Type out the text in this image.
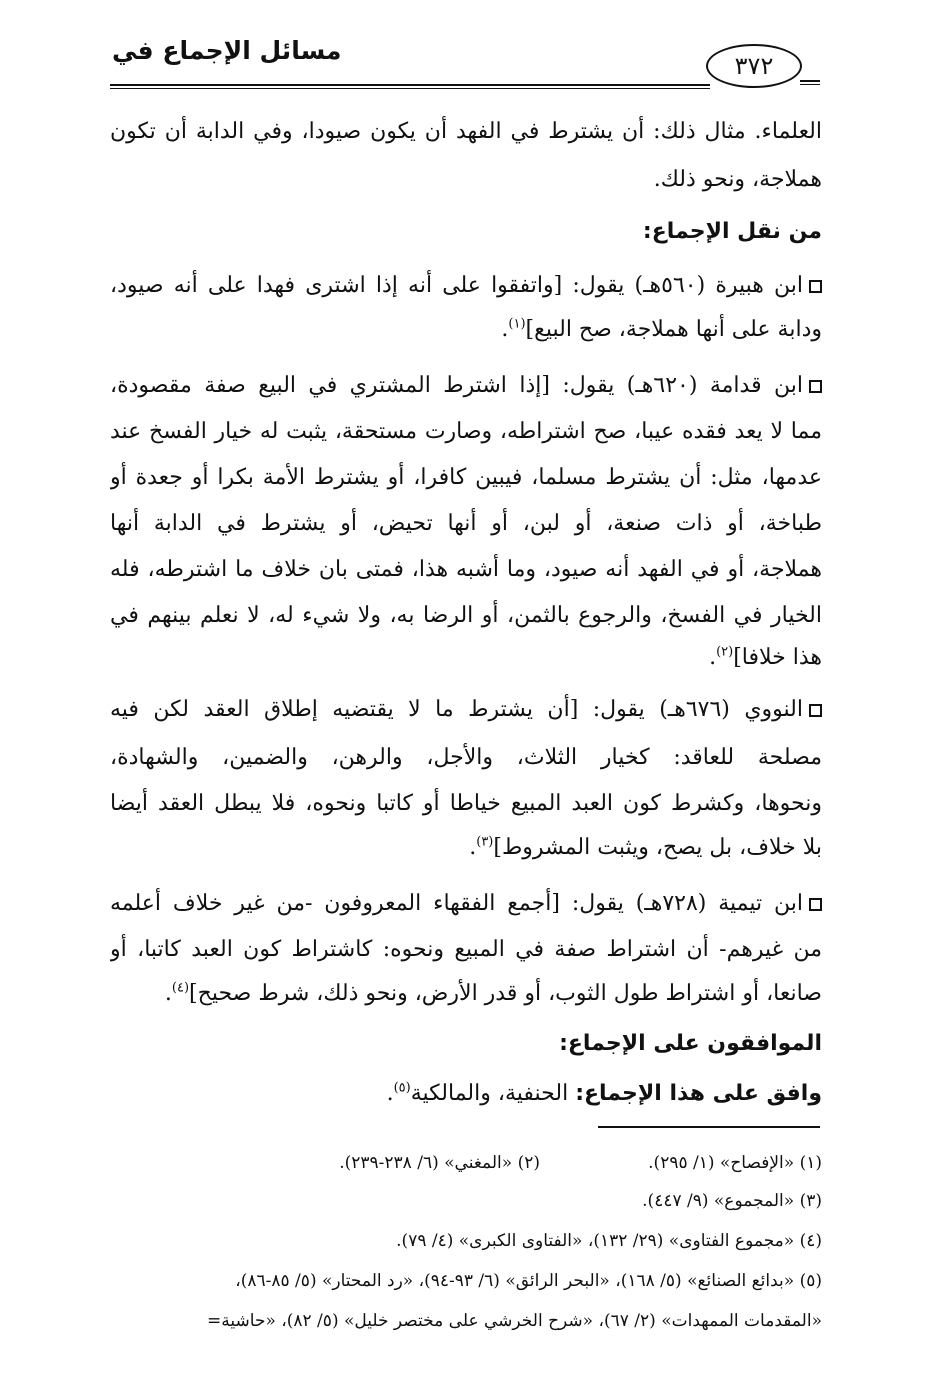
مسائل الإجماع في
٣٧٢
العلماء. مثال ذلك: أن يشترط في الفهد أن يكون صيودا، وفي الدابة أن تكون
هملاجة، ونحو ذلك.
من نقل الإجماع:
ابن هبيرة (٥٦٠هـ) يقول: [واتفقوا على أنه إذا اشترى فهدا على أنه صيود،
ودابة على أنها هملاجة، صح البيع]$^{(١)}$.
ابن قدامة (٦٢٠هـ) يقول: [إذا اشترط المشتري في البيع صفة مقصودة،
مما لا يعد فقده عيبا، صح اشتراطه، وصارت مستحقة، يثبت له خيار الفسخ عند
عدمها، مثل: أن يشترط مسلما، فيبين كافرا، أو يشترط الأمة بكرا أو جعدة أو
طباخة، أو ذات صنعة، أو لبن، أو أنها تحيض، أو يشترط في الدابة أنها
هملاجة، أو في الفهد أنه صيود، وما أشبه هذا، فمتى بان خلاف ما اشترطه، فله
الخيار في الفسخ، والرجوع بالثمن، أو الرضا به، ولا شيء له، لا نعلم بينهم في
هذا خلافا]$^{(٢)}$.
النووي (٦٧٦هـ) يقول: [أن يشترط ما لا يقتضيه إطلاق العقد لكن فيه
مصلحة للعاقد: كخيار الثلاث، والأجل، والرهن، والضمين، والشهادة،
ونحوها، وكشرط كون العبد المبيع خياطا أو كاتبا ونحوه، فلا يبطل العقد أيضا
بلا خلاف، بل يصح، ويثبت المشروط]$^{(٣)}$.
ابن تيمية (٧٢٨هـ) يقول: [أجمع الفقهاء المعروفون -من غير خلاف أعلمه
من غيرهم- أن اشتراط صفة في المبيع ونحوه: كاشتراط كون العبد كاتبا، أو
صانعا، أو اشتراط طول الثوب، أو قدر الأرض، ونحو ذلك، شرط صحيح]$^{(٤)}$.
الموافقون على الإجماع:
وافق على هذا الإجماع: الحنفية، والمالكية$^{(٥)}$.
(١) «الإفصاح» (١/ ٢٩٥).
(٢) «المغني» (٦/ ٢٣٨-٢٣٩).
(٣) «المجموع» (٩/ ٤٤٧).
(٤) «مجموع الفتاوى» (٢٩/ ١٣٢)، «الفتاوى الكبرى» (٤/ ٧٩).
(٥) «بدائع الصنائع» (٥/ ١٦٨)، «البحر الرائق» (٦/ ٩٣-٩٤)، «رد المحتار» (٥/ ٨٥-٨٦)،
«المقدمات الممهدات» (٢/ ٦٧)، «شرح الخرشي على مختصر خليل» (٥/ ٨٢)، «حاشية=
